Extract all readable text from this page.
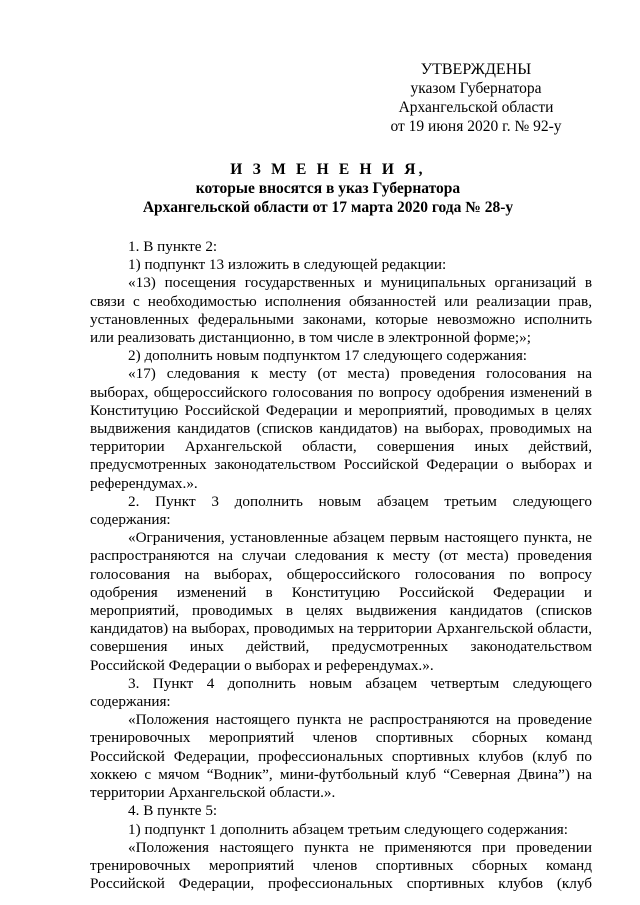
УТВЕРЖДЕНЫ
указом Губернатора
Архангельской области
от 19 июня 2020 г. № 92-у
И З М Е Н Е Н И Я,
которые вносятся в указ Губернатора
Архангельской области от 17 марта 2020 года № 28-у

1. В пункте 2:

1) подпункт 13 изложить в следующей редакции:

«13) посещения государственных и муниципальных организаций в связи с необходимостью исполнения обязанностей или реализации прав, установленных федеральными законами, которые невозможно исполнить или реализовать дистанционно, в том числе в электронной форме;»;

2) дополнить новым подпунктом 17 следующего содержания:

«17) следования к месту (от места) проведения голосования на выборах, общероссийского голосования по вопросу одобрения изменений в Конституцию Российской Федерации и мероприятий, проводимых в целях выдвижения кандидатов (списков кандидатов) на выборах, проводимых на территории Архангельской области, совершения иных действий, предусмотренных законодательством Российской Федерации о выборах и референдумах.».

2. Пункт 3 дополнить новым абзацем третьим следующего содержания:

«Ограничения, установленные абзацем первым настоящего пункта, не распространяются на случаи следования к месту (от места) проведения голосования на выборах, общероссийского голосования по вопросу одобрения изменений в Конституцию Российской Федерации и мероприятий, проводимых в целях выдвижения кандидатов (списков кандидатов) на выборах, проводимых на территории Архангельской области, совершения иных действий, предусмотренных законодательством Российской Федерации о выборах и референдумах.».

3. Пункт 4 дополнить новым абзацем четвертым следующего содержания:

«Положения настоящего пункта не распространяются на проведение тренировочных мероприятий членов спортивных сборных команд Российской Федерации, профессиональных спортивных клубов (клуб по хоккею с мячом “Водник”, мини-футбольный клуб “Северная Двина”) на территории Архангельской области.».

4. В пункте 5:

1) подпункт 1 дополнить абзацем третьим следующего содержания:

«Положения настоящего пункта не применяются при проведении тренировочных мероприятий членов спортивных сборных команд Российской Федерации, профессиональных спортивных клубов (клуб
